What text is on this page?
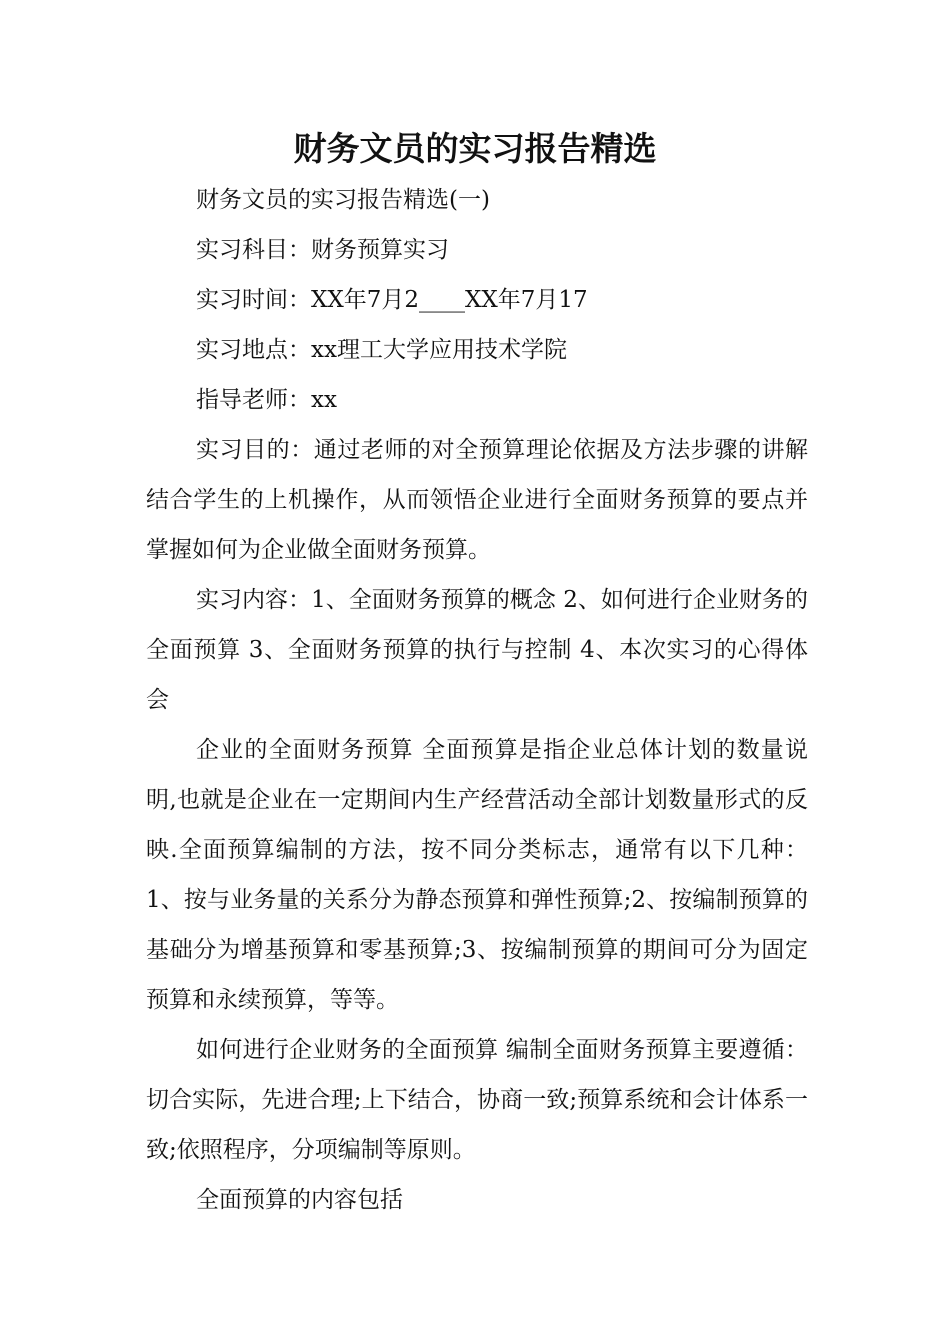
财务文员的实习报告精选
财务文员的实习报告精选(一)
实习科目：财务预算实习
实习时间：XX年7月2____XX年7月17
实习地点：xx理工大学应用技术学院
指导老师：xx
实习目的：通过老师的对全预算理论依据及方法步骤的讲解结合学生的上机操作，从而领悟企业进行全面财务预算的要点并掌握如何为企业做全面财务预算。
实习内容：1、全面财务预算的概念 2、如何进行企业财务的全面预算 3、全面财务预算的执行与控制 4、本次实习的心得体会
企业的全面财务预算 全面预算是指企业总体计划的数量说明,也就是企业在一定期间内生产经营活动全部计划数量形式的反映.全面预算编制的方法，按不同分类标志，通常有以下几种：1、按与业务量的关系分为静态预算和弹性预算;2、按编制预算的基础分为增基预算和零基预算;3、按编制预算的期间可分为固定预算和永续预算，等等。
如何进行企业财务的全面预算 编制全面财务预算主要遵循：切合实际，先进合理;上下结合，协商一致;预算系统和会计体系一致;依照程序，分项编制等原则。
全面预算的内容包括
